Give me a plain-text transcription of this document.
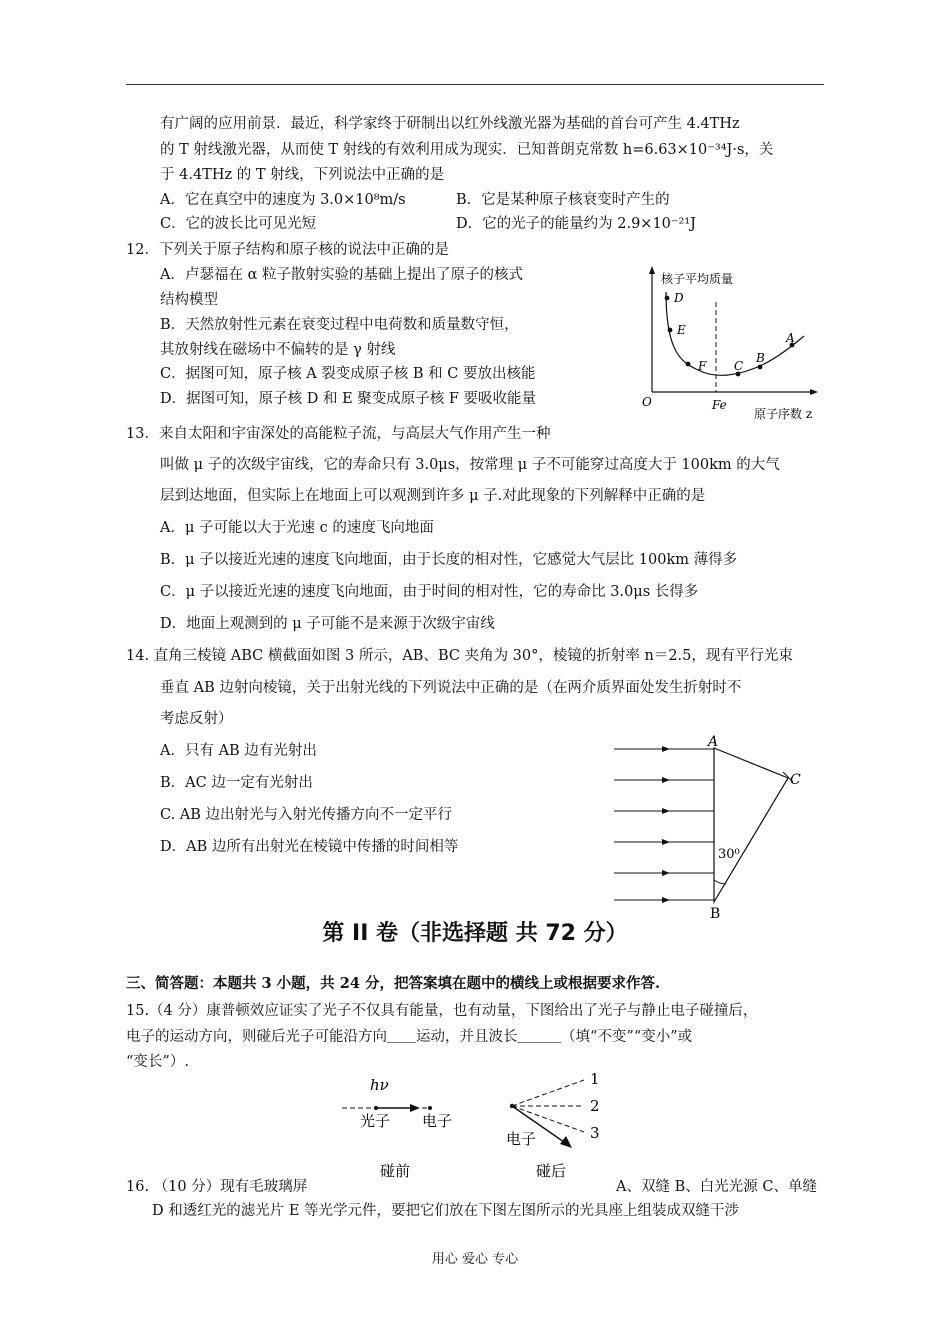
有广阔的应用前景．最近，科学家终于研制出以红外线激光器为基础的首台可产生 4.4THz
的 T 射线激光器，从而使 T 射线的有效利用成为现实．已知普朗克常数 h=6.63×10⁻³⁴J·s，关
于 4.4THz 的 T 射线，下列说法中正确的是
A．它在真空中的速度为 3.0×10⁸m/s	B．它是某种原子核衰变时产生的
C．它的波长比可见光短	D．它的光子的能量约为 2.9×10⁻²¹J
12．下列关于原子结构和原子核的说法中正确的是
A．卢瑟福在 α 粒子散射实验的基础上提出了原子的核式
结构模型
B．天然放射性元素在衰变过程中电荷数和质量数守恒，
其放射线在磁场中不偏转的是 γ 射线
C．据图可知，原子核 A 裂变成原子核 B 和 C 要放出核能
D．据图可知，原子核 D 和 E 聚变成原子核 F 要吸收能量
核子平均质量
O
原子序数 z
Fe
D
E
F C
B
A
13．来自太阳和宇宙深处的高能粒子流，与高层大气作用产生一种
叫做 μ 子的次级宇宙线，它的寿命只有 3.0μs，按常理 μ 子不可能穿过高度大于 100km 的大气
层到达地面，但实际上在地面上可以观测到许多 μ 子.对此现象的下列解释中正确的是
A．μ 子可能以大于光速 c 的速度飞向地面
B．μ 子以接近光速的速度飞向地面，由于长度的相对性，它感觉大气层比 100km 薄得多
C．μ 子以接近光速的速度飞向地面，由于时间的相对性，它的寿命比 3.0μs 长得多
D．地面上观测到的 μ 子可能不是来源于次级宇宙线
14. 直角三棱镜 ABC 横截面如图 3 所示，AB、BC 夹角为 30°，棱镜的折射率 n＝2.5，现有平行光束
垂直 AB 边射向棱镜，关于出射光线的下列说法中正确的是（在两介质界面处发生折射时不
考虑反射）
A．只有 AB 边有光射出
B．AC 边一定有光射出
C. AB 边出射光与入射光传播方向不一定平行
D．AB 边所有出射光在棱镜中传播的时间相等
A
C
B
30⁰
第 II 卷（非选择题 共 72 分）
三、简答题：本题共 3 小题，共 24 分，把答案填在题中的横线上或根据要求作答.
15.（4 分）康普顿效应证实了光子不仅具有能量，也有动量，下图给出了光子与静止电子碰撞后，
电子的运动方向，则碰后光子可能沿方向＿＿运动，并且波长＿＿＿（填“不变”“变小”或
“变长”）.
hν
光子 电子
碰前
1
2
3
电子
碰后
16. （10 分）现有毛玻璃屏	A、双缝 B、白光光源 C、单缝
D 和透红光的滤光片 E 等光学元件，要把它们放在下图左图所示的光具座上组装成双缝干涉
用心 爱心 专心
